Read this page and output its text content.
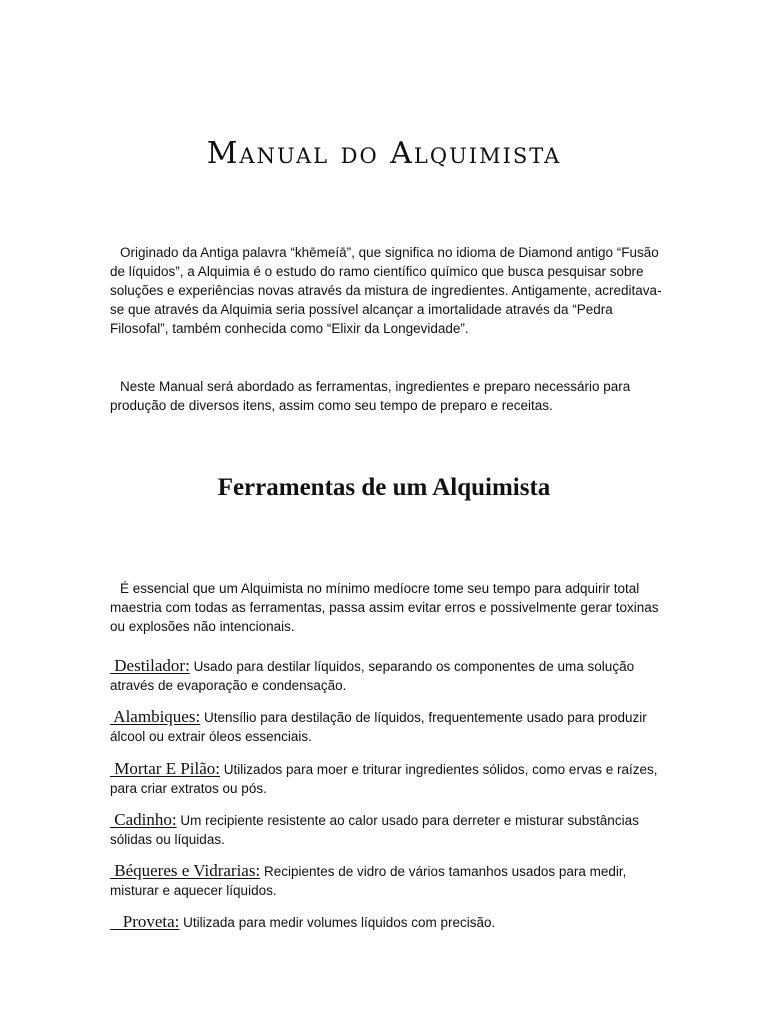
Manual do Alquimista

Originado da Antiga palavra “khēmeíā”, que significa no idioma de Diamond antigo “Fusão de líquidos”, a Alquimia é o estudo do ramo científico químico que busca pesquisar sobre soluções e experiências novas através da mistura de ingredientes. Antigamente, acreditava-se que através da Alquimia seria possível alcançar a imortalidade através da “Pedra Filosofal”, também conhecida como “Elixir da Longevidade”.

Neste Manual será abordado as ferramentas, ingredientes e preparo necessário para produção de diversos itens, assim como seu tempo de preparo e receitas.

Ferramentas de um Alquimista

É essencial que um Alquimista no mínimo medíocre tome seu tempo para adquirir total maestria com todas as ferramentas, passa assim evitar erros e possivelmente gerar toxinas ou explosões não intencionais.

Destilador: Usado para destilar líquidos, separando os componentes de uma solução através de evaporação e condensação.

Alambiques: Utensílio para destilação de líquidos, frequentemente usado para produzir álcool ou extrair óleos essenciais.

Mortar E Pilão: Utilizados para moer e triturar ingredientes sólidos, como ervas e raízes, para criar extratos ou pós.

Cadinho: Um recipiente resistente ao calor usado para derreter e misturar substâncias sólidas ou líquidas.

Béqueres e Vidrarias: Recipientes de vidro de vários tamanhos usados para medir, misturar e aquecer líquidos.

Proveta: Utilizada para medir volumes líquidos com precisão.
